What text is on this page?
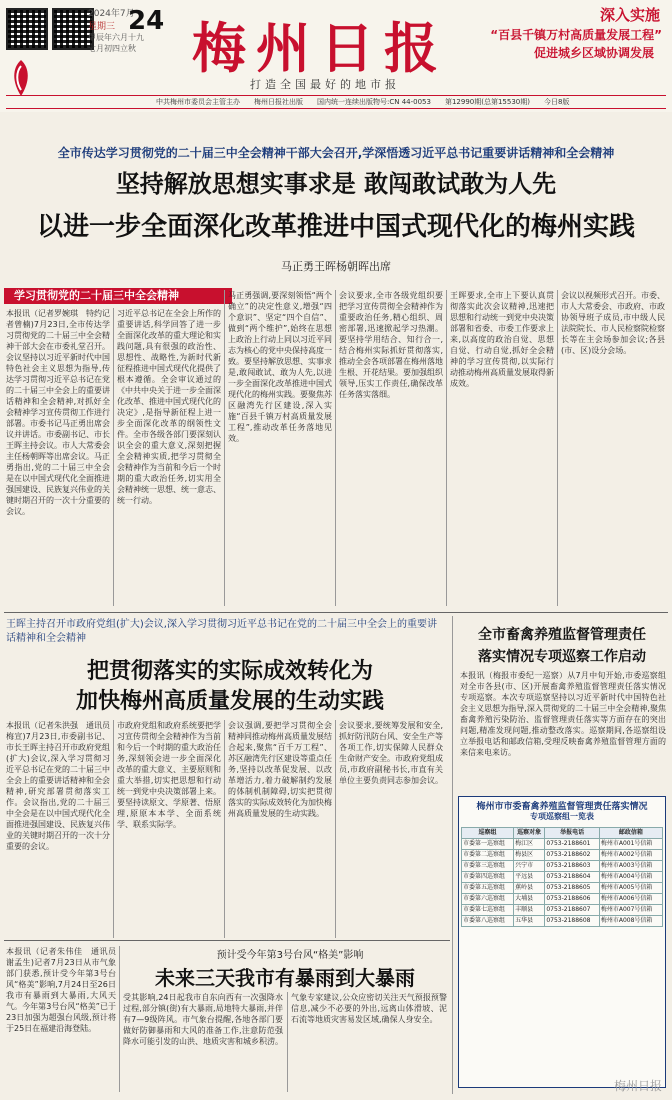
2024年7月
24
星期三
甲辰年六月十九
七月初四立秋 梅州日报
打造全国最好的地市报
深入实施
“百县千镇万村高质量发展工程”
促进城乡区域协调发展
中共梅州市委员会主管主办 梅州日报社出版 国内统一连续出版物号:CN 44-0053 第12990期(总第15530期) 今日8版
全市传达学习贯彻党的二十届三中全会精神干部大会召开,学深悟透习近平总书记重要讲话精神和全会精神
坚持解放思想实事求是 敢闯敢试敢为人先
以进一步全面深化改革推进中国式现代化的梅州实践
马正勇王晖杨朝晖出席
学习贯彻党的二十届三中全会精神
本报讯（记者罗婉琪　特约记者曾楠)7月23日,全市传达学习贯彻党的二十届三中全会精神干部大会在市委礼堂召开。会议坚持以习近平新时代中国特色社会主义思想为指导,传达学习贯彻习近平总书记在党的二十届三中全会上的重要讲话精神和全会精神,对抓好全会精神学习宣传贯彻工作进行部署。市委书记马正勇出席会议并讲话。市委副书记、市长王晖主持会议。市人大常委会主任杨朝晖等出席会议。马正勇指出,党的二十届三中全会是在以中国式现代化全面推进强国建设、民族复兴伟业的关键时期召开的一次十分重要的会议。
习近平总书记在全会上所作的重要讲话,科学回答了进一步全面深化改革的重大理论和实践问题,具有很强的政治性、思想性、战略性,为新时代新征程推进中国式现代化提供了根本遵循。全会审议通过的《中共中央关于进一步全面深化改革、推进中国式现代化的决定》,是指导新征程上进一步全面深化改革的纲领性文件。全市各级各部门要深刻认识全会的重大意义,深刻把握全会精神实质,把学习贯彻全会精神作为当前和今后一个时期的重大政治任务,切实用全会精神统一思想、统一意志、统一行动。
马正勇强调,要深刻领悟“两个确立”的决定性意义,增强“四个意识”、坚定“四个自信”、做到“两个维护”,始终在思想上政治上行动上同以习近平同志为核心的党中央保持高度一致。要坚持解放思想、实事求是,敢闯敢试、敢为人先,以进一步全面深化改革推进中国式现代化的梅州实践。要聚焦苏区融湾先行区建设,深入实施“百县千镇万村高质量发展工程”,推动改革任务落地见效。
会议要求,全市各级党组织要把学习宣传贯彻全会精神作为重要政治任务,精心组织、周密部署,迅速掀起学习热潮。要坚持学用结合、知行合一,结合梅州实际抓好贯彻落实,推动全会各项部署在梅州落地生根、开花结果。要加强组织领导,压实工作责任,确保改革任务落实落细。
王晖要求,全市上下要认真贯彻落实此次会议精神,迅速把思想和行动统一到党中央决策部署和省委、市委工作要求上来,以高度的政治自觉、思想自觉、行动自觉,抓好全会精神的学习宣传贯彻,以实际行动推动梅州高质量发展取得新成效。
会议以视频形式召开。市委、市人大常委会、市政府、市政协领导班子成员,市中级人民法院院长、市人民检察院检察长等在主会场参加会议;各县(市、区)设分会场。
王晖主持召开市政府党组(扩大)会议,深入学习贯彻习近平总书记在党的二十届三中全会上的重要讲话精神和全会精神
把贯彻落实的实际成效转化为
加快梅州高质量发展的生动实践
本报讯（记者朱洪强　通讯员梅宣)7月23日,市委副书记、市长王晖主持召开市政府党组(扩大)会议,深入学习贯彻习近平总书记在党的二十届三中全会上的重要讲话精神和全会精神,研究部署贯彻落实工作。会议指出,党的二十届三中全会是在以中国式现代化全面推进强国建设、民族复兴伟业的关键时期召开的一次十分重要的会议。
市政府党组和政府系统要把学习宣传贯彻全会精神作为当前和今后一个时期的重大政治任务,深刻领会进一步全面深化改革的重大意义、主要原则和重大举措,切实把思想和行动统一到党中央决策部署上来。要坚持读原文、学原著、悟原理,原原本本学、全面系统学、联系实际学。
会议强调,要把学习贯彻全会精神同推动梅州高质量发展结合起来,聚焦“百千万工程”、苏区融湾先行区建设等重点任务,坚持以改革促发展、以改革增活力,着力破解制约发展的体制机制障碍,切实把贯彻落实的实际成效转化为加快梅州高质量发展的生动实践。
会议要求,要统筹发展和安全,抓好防汛防台风、安全生产等各项工作,切实保障人民群众生命财产安全。市政府党组成员,市政府副秘书长,市直有关单位主要负责同志参加会议。
全市畜禽养殖监督管理责任
落实情况专项巡察工作启动
本报讯（梅报市委纪一巡察）从7月中旬开始,市委巡察组对全市各县(市、区)开展畜禽养殖监督管理责任落实情况专项巡察。本次专项巡察坚持以习近平新时代中国特色社会主义思想为指导,深入贯彻党的二十届三中全会精神,聚焦畜禽养殖污染防治、监督管理责任落实等方面存在的突出问题,精准发现问题,推动整改落实。巡察期间,各巡察组设立举报电话和邮政信箱,受理反映畜禽养殖监督管理方面的来信来电来访。
梅州市市委畜禽养殖监督管理责任落实情况
专项巡察组一览表
巡察组	巡察对象	举报电话	邮政信箱
市委第一巡察组	梅江区	0753-2188601	梅州市A001号信箱
市委第二巡察组	梅县区	0753-2188602	梅州市A002号信箱
市委第三巡察组	兴宁市	0753-2188603	梅州市A003号信箱
市委第四巡察组	平远县	0753-2188604	梅州市A004号信箱
市委第五巡察组	蕉岭县	0753-2188605	梅州市A005号信箱
市委第六巡察组	大埔县	0753-2188606	梅州市A006号信箱
市委第七巡察组	丰顺县	0753-2188607	梅州市A007号信箱
市委第八巡察组	五华县	0753-2188608	梅州市A008号信箱
预计受今年第3号台风“格美”影响
未来三天我市有暴雨到大暴雨
本报讯（记者朱伟佳　通讯员谢孟生)记者7月23日从市气象部门获悉,预计受今年第3号台风“格美”影响,7月24日至26日我市有暴雨到大暴雨,大风天气。今年第3号台风“格美”已于23日加强为超强台风级,预计将于25日在福建沿海登陆。
受其影响,24日起我市自东向西有一次强降水过程,部分镇(街)有大暴雨,局地特大暴雨,并伴有7—9级阵风。市气象台提醒,各地各部门要做好防御暴雨和大风的准备工作,注意防范强降水可能引发的山洪、地质灾害和城乡积涝。
气象专家建议,公众应密切关注天气预报预警信息,减少不必要的外出,远离山体滑坡、泥石流等地质灾害易发区域,确保人身安全。
梅州日报
